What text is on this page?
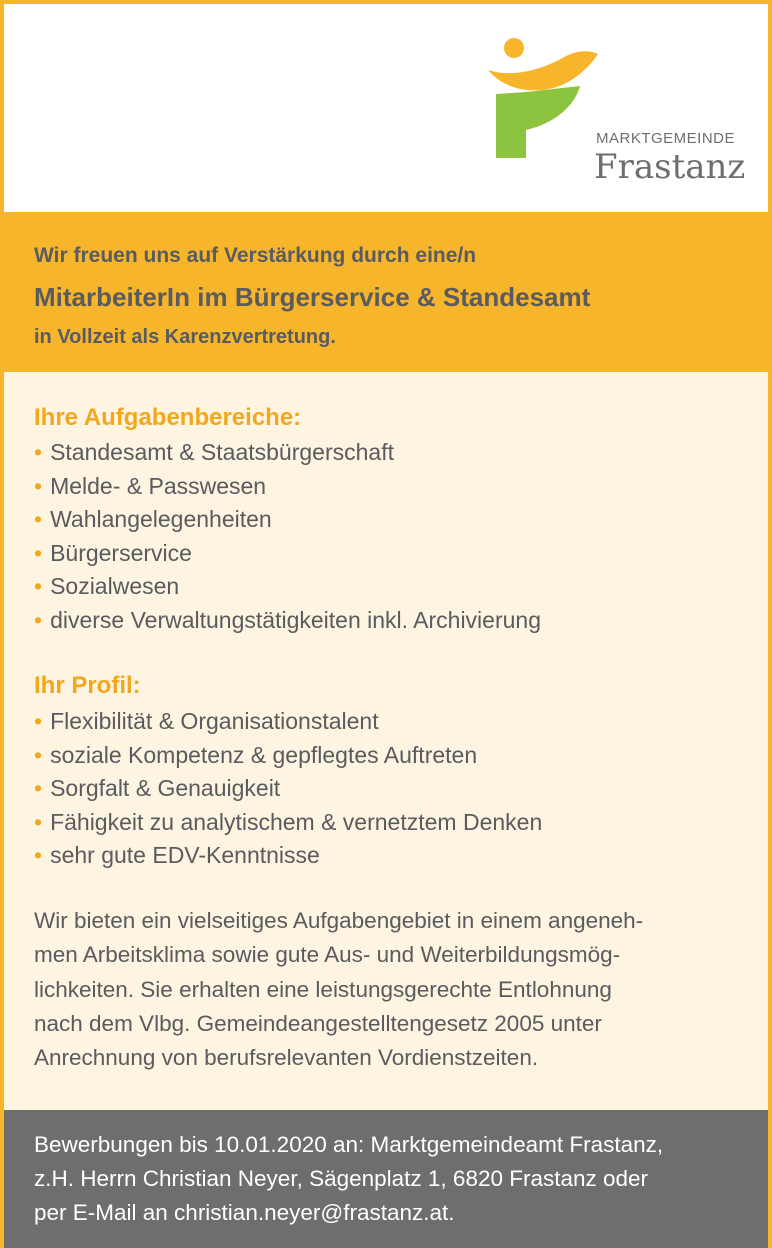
MARKTGEMEINDE
Frastanz
Wir freuen uns auf Verstärkung durch eine/n
MitarbeiterIn im Bürgerservice & Standesamt
in Vollzeit als Karenzvertretung.
Ihre Aufgabenbereiche:
• Standesamt & Staatsbürgerschaft
• Melde- & Passwesen
• Wahlangelegenheiten
• Bürgerservice
• Sozialwesen
• diverse Verwaltungstätigkeiten inkl. Archivierung
Ihr Profil:
• Flexibilität & Organisationstalent
• soziale Kompetenz & gepflegtes Auftreten
• Sorgfalt & Genauigkeit
• Fähigkeit zu analytischem & vernetztem Denken
• sehr gute EDV-Kenntnisse
Wir bieten ein vielseitiges Aufgabengebiet in einem angeneh-
men Arbeitsklima sowie gute Aus- und Weiterbildungsmög-
lichkeiten. Sie erhalten eine leistungsgerechte Entlohnung
nach dem Vlbg. Gemeindeangestelltengesetz 2005 unter
Anrechnung von berufsrelevanten Vordienstzeiten.
Bewerbungen bis 10.01.2020 an: Marktgemeindeamt Frastanz,
z.H. Herrn Christian Neyer, Sägenplatz 1, 6820 Frastanz oder
per E-Mail an christian.neyer@frastanz.at.
